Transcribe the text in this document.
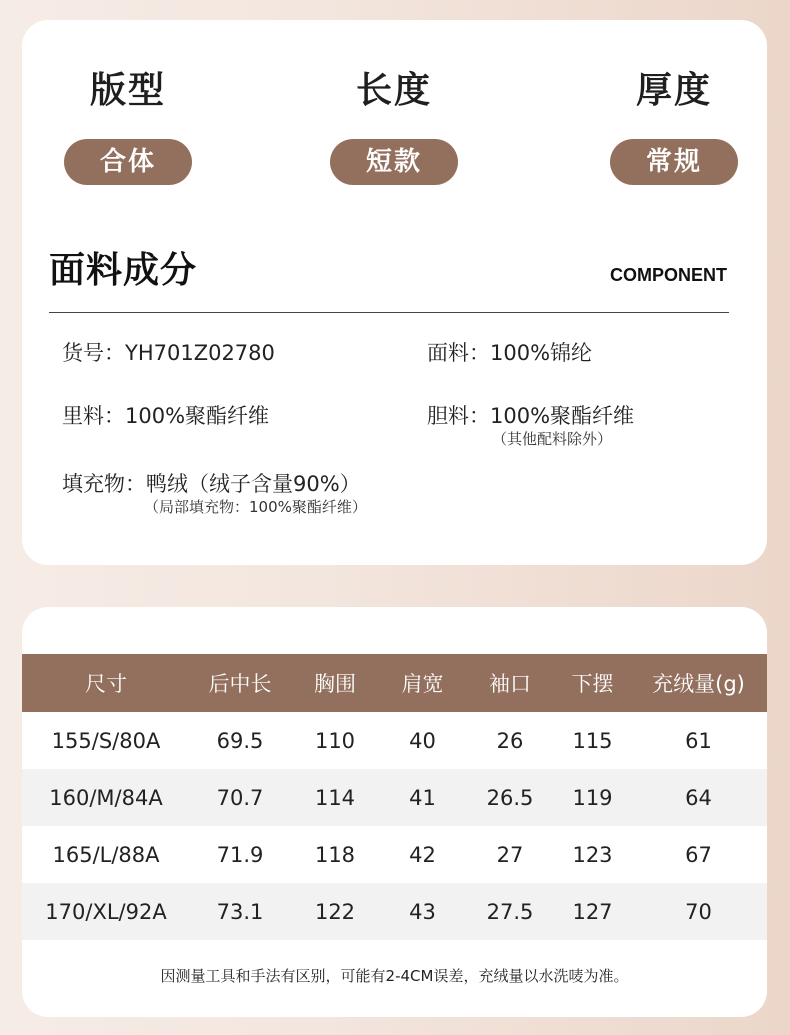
版型
合体
长度
短款
厚度
常规
面料成分	COMPONENT
货号：YH701Z02780	面料：100%锦纶
里料：100%聚酯纤维	胆料：100%聚酯纤维
（其他配料除外）
填充物：鸭绒（绒子含量90%）
（局部填充物：100%聚酯纤维）
尺寸	后中长	胸围	肩宽	袖口	下摆	充绒量(g)
155/S/80A	69.5	110	40	26	115	61
160/M/84A	70.7	114	41	26.5	119	64
165/L/88A	71.9	118	42	27	123	67
170/XL/92A	73.1	122	43	27.5	127	70
因测量工具和手法有区别，可能有2-4CM误差，充绒量以水洗唛为准。
